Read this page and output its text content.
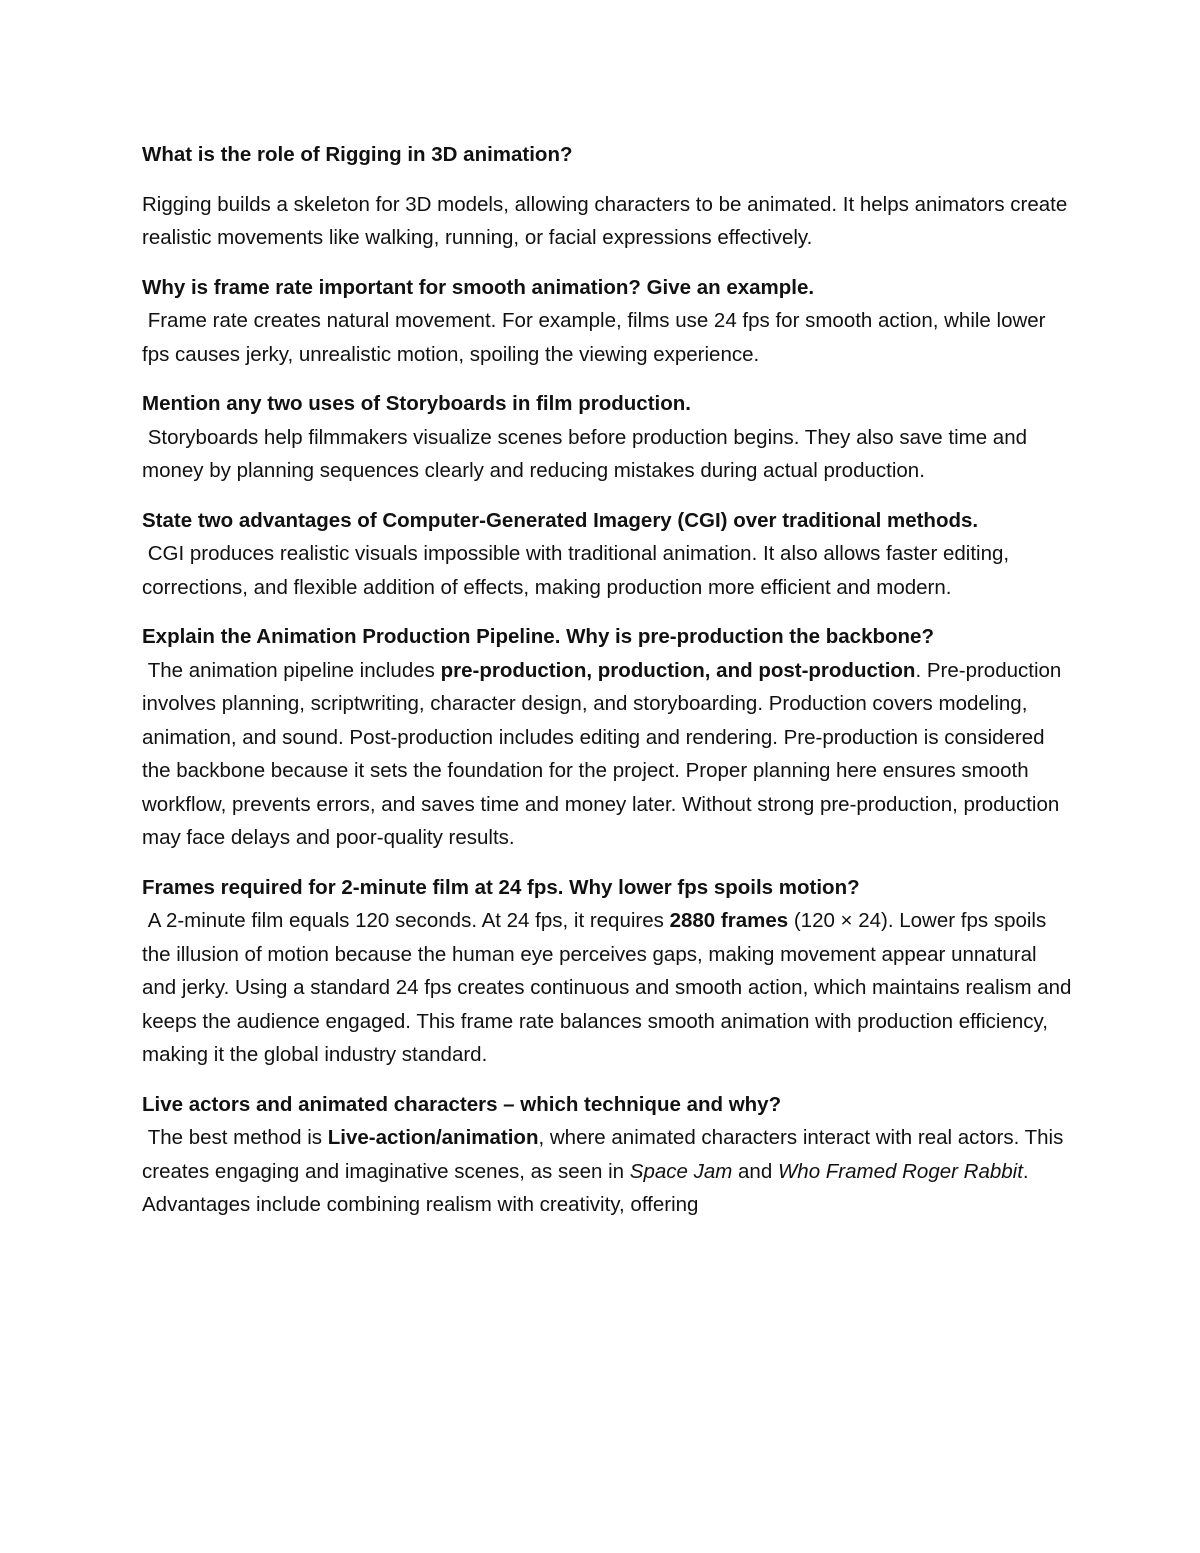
What is the role of Rigging in 3D animation?

Rigging builds a skeleton for 3D models, allowing characters to be animated. It helps animators create realistic movements like walking, running, or facial expressions effectively.

Why is frame rate important for smooth animation? Give an example.

Frame rate creates natural movement. For example, films use 24 fps for smooth action, while lower fps causes jerky, unrealistic motion, spoiling the viewing experience.

Mention any two uses of Storyboards in film production.

Storyboards help filmmakers visualize scenes before production begins. They also save time and money by planning sequences clearly and reducing mistakes during actual production.

State two advantages of Computer-Generated Imagery (CGI) over traditional methods.

CGI produces realistic visuals impossible with traditional animation. It also allows faster editing, corrections, and flexible addition of effects, making production more efficient and modern.

Explain the Animation Production Pipeline. Why is pre-production the backbone?

The animation pipeline includes pre-production, production, and post-production. Pre-production involves planning, scriptwriting, character design, and storyboarding. Production covers modeling, animation, and sound. Post-production includes editing and rendering. Pre-production is considered the backbone because it sets the foundation for the project. Proper planning here ensures smooth workflow, prevents errors, and saves time and money later. Without strong pre-production, production may face delays and poor-quality results.

Frames required for 2-minute film at 24 fps. Why lower fps spoils motion?

A 2-minute film equals 120 seconds. At 24 fps, it requires 2880 frames (120 × 24). Lower fps spoils the illusion of motion because the human eye perceives gaps, making movement appear unnatural and jerky. Using a standard 24 fps creates continuous and smooth action, which maintains realism and keeps the audience engaged. This frame rate balances smooth animation with production efficiency, making it the global industry standard.

Live actors and animated characters – which technique and why?

The best method is Live-action/animation, where animated characters interact with real actors. This creates engaging and imaginative scenes, as seen in Space Jam and Who Framed Roger Rabbit. Advantages include combining realism with creativity, offering
